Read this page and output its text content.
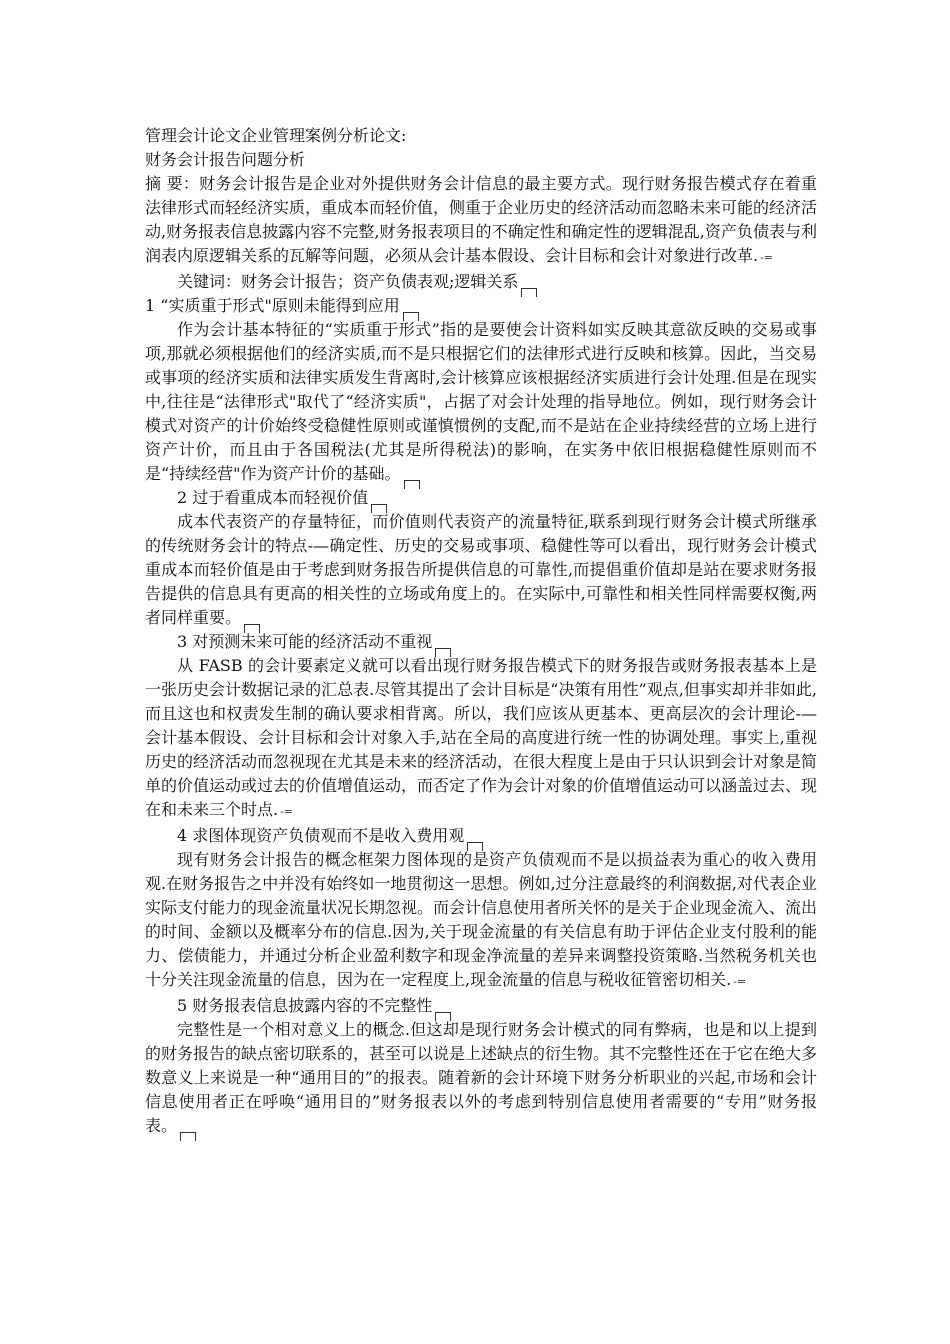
管理会计论文企业管理案例分析论文:
财务会计报告问题分析

摘 要：财务会计报告是企业对外提供财务会计信息的最主要方式。现行财务报告模式存在着重法律形式而轻经济实质，重成本而轻价值，侧重于企业历史的经济活动而忽略未来可能的经济活动,财务报表信息披露内容不完整,财务报表项目的不确定性和确定性的逻辑混乱,资产负债表与利润表内原逻辑关系的瓦解等问题，必须从会计基本假设、会计目标和会计对象进行改革. -=

关键词：财务会计报告；资产负债表观;逻辑关系

1 “实质重于形式"原则未能得到应用

作为会计基本特征的“实质重于形式”指的是要使会计资料如实反映其意欲反映的交易或事项,那就必须根据他们的经济实质,而不是只根据它们的法律形式进行反映和核算。因此，当交易或事项的经济实质和法律实质发生背离时,会计核算应该根据经济实质进行会计处理.但是在现实中,往往是“法律形式"取代了“经济实质"，占据了对会计处理的指导地位。例如，现行财务会计模式对资产的计价始终受稳健性原则或谨慎惯例的支配,而不是站在企业持续经营的立场上进行资产计价，而且由于各国税法(尤其是所得税法)的影响，在实务中依旧根据稳健性原则而不是“持续经营"作为资产计价的基础。

2 过于看重成本而轻视价值

成本代表资产的存量特征，而价值则代表资产的流量特征,联系到现行财务会计模式所继承的传统财务会计的特点-—确定性、历史的交易或事项、稳健性等可以看出，现行财务会计模式重成本而轻价值是由于考虑到财务报告所提供信息的可靠性,而提倡重价值却是站在要求财务报告提供的信息具有更高的相关性的立场或角度上的。在实际中,可靠性和相关性同样需要权衡,两者同样重要。

3 对预测未来可能的经济活动不重视

从 FASB 的会计要素定义就可以看出现行财务报告模式下的财务报告或财务报表基本上是一张历史会计数据记录的汇总表.尽管其提出了会计目标是“决策有用性”观点,但事实却并非如此,而且这也和权责发生制的确认要求相背离。所以，我们应该从更基本、更高层次的会计理论-—会计基本假设、会计目标和会计对象入手,站在全局的高度进行统一性的协调处理。事实上,重视历史的经济活动而忽视现在尤其是未来的经济活动，在很大程度上是由于只认识到会计对象是简单的价值运动或过去的价值增值运动，而否定了作为会计对象的价值增值运动可以涵盖过去、现在和未来三个时点. -=

4 求图体现资产负债观而不是收入费用观

现有财务会计报告的概念框架力图体现的是资产负债观而不是以损益表为重心的收入费用观.在财务报告之中并没有始终如一地贯彻这一思想。例如,过分注意最终的利润数据,对代表企业实际支付能力的现金流量状况长期忽视。而会计信息使用者所关怀的是关于企业现金流入、流出的时间、金额以及概率分布的信息.因为,关于现金流量的有关信息有助于评估企业支付股利的能力、偿债能力，并通过分析企业盈利数字和现金净流量的差异来调整投资策略.当然税务机关也十分关注现金流量的信息，因为在一定程度上,现金流量的信息与税收征管密切相关. -=

5 财务报表信息披露内容的不完整性

完整性是一个相对意义上的概念.但这却是现行财务会计模式的同有弊病，也是和以上提到的财务报告的缺点密切联系的，甚至可以说是上述缺点的衍生物。其不完整性还在于它在绝大多数意义上来说是一种“通用目的”的报表。随着新的会计环境下财务分析职业的兴起,市场和会计信息使用者正在呼唤“通用目的”财务报表以外的考虑到特别信息使用者需要的“专用”财务报表。
